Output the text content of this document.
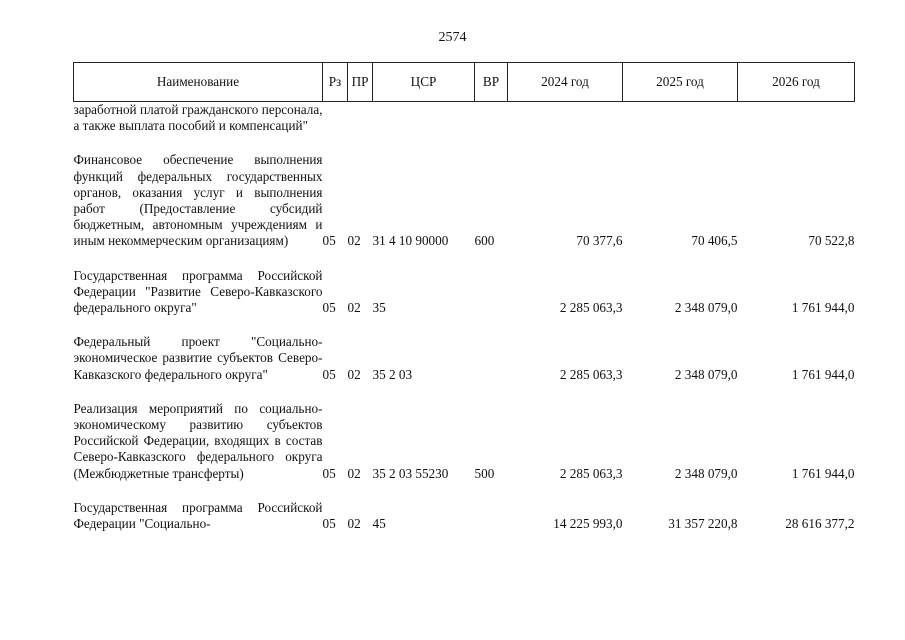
2574
Наименование	Рз	ПР	ЦСР	ВР	2024 год	2025 год	2026 год
заработной платой гражданского персонала, а также выплата пособий и компенсаций"							
Финансовое обеспечение выполнения функций федеральных государственных органов, оказания услуг и выполнения работ (Предоставление субсидий бюджетным, автономным учреждениям и иным некоммерческим организациям)	05	02	31 4 10 90000	600	70 377,6	70 406,5	70 522,8
Государственная программа Российской Федерации "Развитие Северо-Кавказского федерального округа"	05	02	35		2 285 063,3	2 348 079,0	1 761 944,0
Федеральный проект "Социально-экономическое развитие субъектов Северо-Кавказского федерального округа"	05	02	35 2 03		2 285 063,3	2 348 079,0	1 761 944,0
Реализация мероприятий по социально-экономическому развитию субъектов Российской Федерации, входящих в состав Северо-Кавказского федерального округа (Межбюджетные трансферты)	05	02	35 2 03 55230	500	2 285 063,3	2 348 079,0	1 761 944,0
Государственная программа Российской Федерации "Социально-	05	02	45		14 225 993,0	31 357 220,8	28 616 377,2
